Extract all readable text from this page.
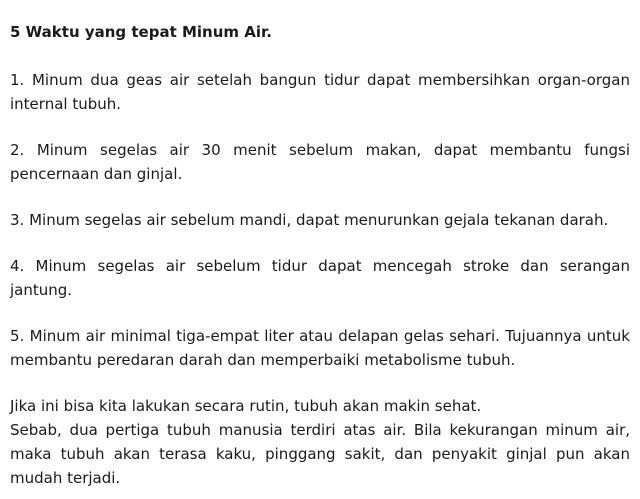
5 Waktu yang tepat Minum Air.

1. Minum dua geas air setelah bangun tidur dapat membersihkan organ-organ
internal tubuh.
2. Minum segelas air 30 menit sebelum makan, dapat membantu fungsi
pencernaan dan ginjal.
3. Minum segelas air sebelum mandi, dapat menurunkan gejala tekanan darah.
4. Minum segelas air sebelum tidur dapat mencegah stroke dan serangan jantung.
5. Minum air minimal tiga-empat liter atau delapan gelas sehari. Tujuannya untuk
membantu peredaran darah dan memperbaiki metabolisme tubuh.
Jika ini bisa kita lakukan secara rutin, tubuh akan makin sehat.
Sebab, dua pertiga tubuh manusia terdiri atas air. Bila kekurangan minum air,
maka tubuh akan terasa kaku, pinggang sakit, dan penyakit ginjal pun akan
mudah terjadi.
